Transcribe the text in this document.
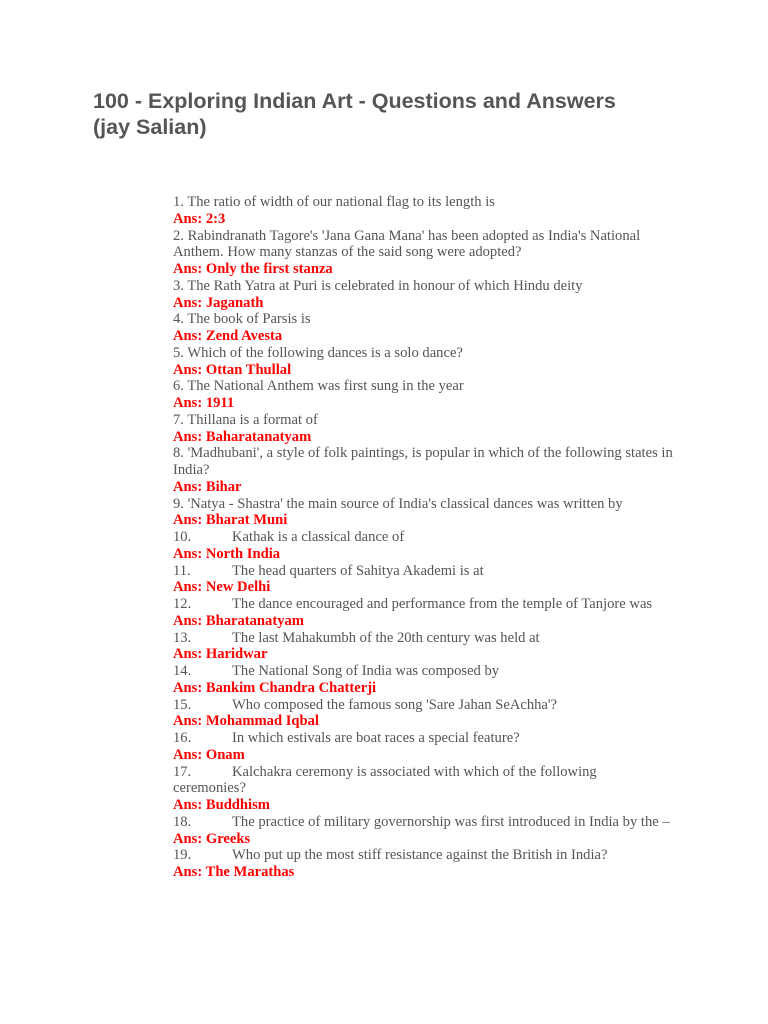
100 - Exploring Indian Art - Questions and Answers (jay Salian)
1. The ratio of width of our national flag to its length is
Ans: 2:3
2. Rabindranath Tagore's 'Jana Gana Mana' has been adopted as India's National Anthem. How many stanzas of the said song were adopted?
Ans: Only the first stanza
3. The Rath Yatra at Puri is celebrated in honour of which Hindu deity
Ans: Jaganath
4. The book of Parsis is
Ans: Zend Avesta
5. Which of the following dances is a solo dance?
Ans: Ottan Thullal
6. The National Anthem was first sung in the year
Ans: 1911
7. Thillana is a format of
Ans: Baharatanatyam
8. 'Madhubani', a style of folk paintings, is popular in which of the following states in India?
Ans: Bihar
9. 'Natya - Shastra' the main source of India's classical dances was written by
Ans: Bharat Muni
10.	Kathak is a classical dance of
Ans: North India
11.	The head quarters of Sahitya Akademi is at
Ans: New Delhi
12.	The dance encouraged and performance from the temple of Tanjore was
Ans: Bharatanatyam
13.	The last Mahakumbh of the 20th century was held at
Ans: Haridwar
14.	The National Song of India was composed by
Ans: Bankim Chandra Chatterji
15.	Who composed the famous song 'Sare Jahan SeAchha'?
Ans: Mohammad Iqbal
16.	In which estivals are boat races a special feature?
Ans: Onam
17.	Kalchakra ceremony is associated with which of the following ceremonies?
Ans: Buddhism
18.	The practice of military governorship was first introduced in India by the –
Ans: Greeks
19.	Who put up the most stiff resistance against the British in India?
Ans: The Marathas
